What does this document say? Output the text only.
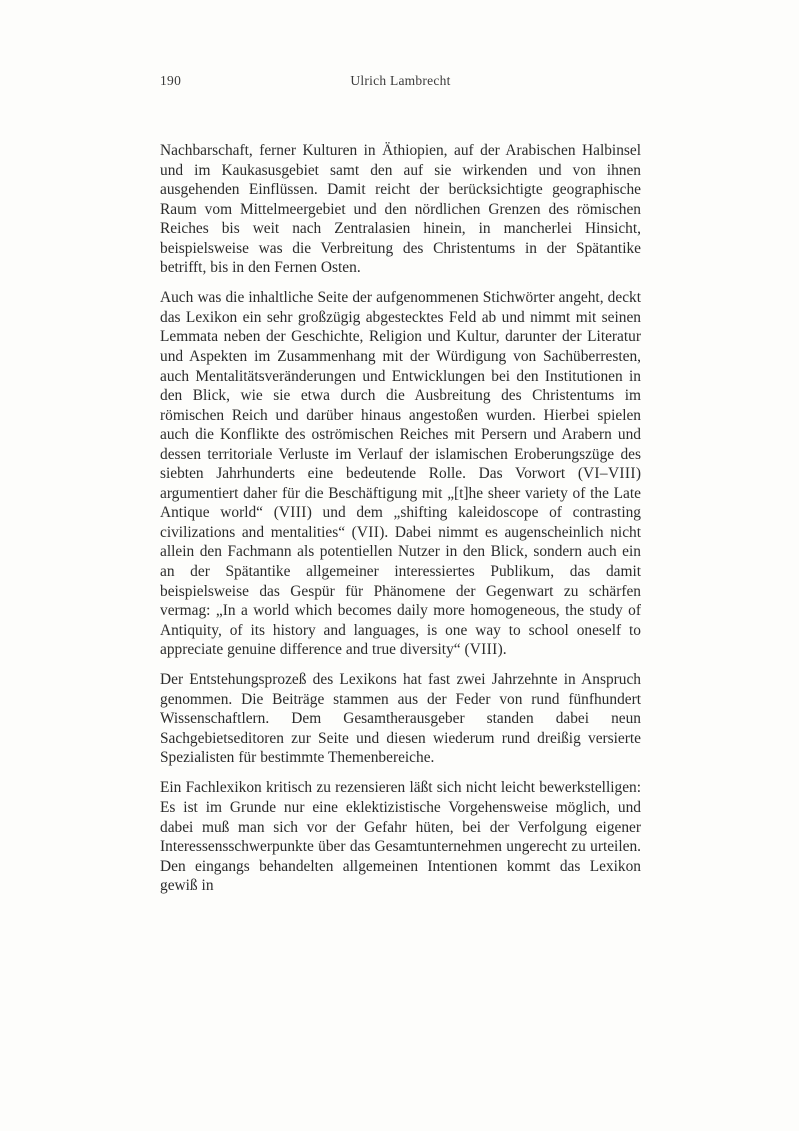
190	Ulrich Lambrecht

Nachbarschaft, ferner Kulturen in Äthiopien, auf der Arabischen Halbinsel und im Kaukasusgebiet samt den auf sie wirkenden und von ihnen ausgehenden Einflüssen. Damit reicht der berücksichtigte geographische Raum vom Mittelmeergebiet und den nördlichen Grenzen des römischen Reiches bis weit nach Zentralasien hinein, in mancherlei Hinsicht, beispielsweise was die Verbreitung des Christentums in der Spätantike betrifft, bis in den Fernen Osten.

Auch was die inhaltliche Seite der aufgenommenen Stichwörter angeht, deckt das Lexikon ein sehr großzügig abgestecktes Feld ab und nimmt mit seinen Lemmata neben der Geschichte, Religion und Kultur, darunter der Literatur und Aspekten im Zusammenhang mit der Würdigung von Sachüberresten, auch Mentalitätsveränderungen und Entwicklungen bei den Institutionen in den Blick, wie sie etwa durch die Ausbreitung des Christentums im römischen Reich und darüber hinaus angestoßen wurden. Hierbei spielen auch die Konflikte des oströmischen Reiches mit Persern und Arabern und dessen territoriale Verluste im Verlauf der islamischen Eroberungszüge des siebten Jahrhunderts eine bedeutende Rolle. Das Vorwort (VI–VIII) argumentiert daher für die Beschäftigung mit „[t]he sheer variety of the Late Antique world“ (VIII) und dem „shifting kaleidoscope of contrasting civilizations and mentalities“ (VII). Dabei nimmt es augenscheinlich nicht allein den Fachmann als potentiellen Nutzer in den Blick, sondern auch ein an der Spätantike allgemeiner interessiertes Publikum, das damit beispielsweise das Gespür für Phänomene der Gegenwart zu schärfen vermag: „In a world which becomes daily more homogeneous, the study of Antiquity, of its history and languages, is one way to school oneself to appreciate genuine difference and true diversity“ (VIII).

Der Entstehungsprozeß des Lexikons hat fast zwei Jahrzehnte in Anspruch genommen. Die Beiträge stammen aus der Feder von rund fünfhundert Wissenschaftlern. Dem Gesamtherausgeber standen dabei neun Sachgebietseditoren zur Seite und diesen wiederum rund dreißig versierte Spezialisten für bestimmte Themenbereiche.

Ein Fachlexikon kritisch zu rezensieren läßt sich nicht leicht bewerkstelligen: Es ist im Grunde nur eine eklektizistische Vorgehensweise möglich, und dabei muß man sich vor der Gefahr hüten, bei der Verfolgung eigener Interessensschwerpunkte über das Gesamtunternehmen ungerecht zu urteilen. Den eingangs behandelten allgemeinen Intentionen kommt das Lexikon gewiß in
